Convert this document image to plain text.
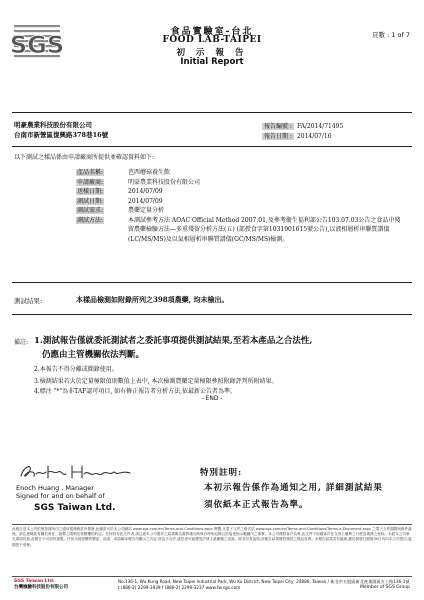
SGS	食品實驗室-台北
FOOD LAB-TAIPEI
初 示 報 告
Initial Report
頁數 : 1 of 7
明豪農業科技股份有限公司
台南市新營區復興路378巷16號
報告編號 : FA/2014/71495
報告日期 : 2014/07/16
以下測試之樣品係由申請廠商所提供並確認資料如下:
產品名稱:	芭西蘑菇養生飲
申請廠商:	明豪農業科技股份有限公司
送樣日期:	2014/07/09
測試日期:	2014/07/09
測試需求:	農藥定量分析
測試方法:	本測試參考方法 AOAC Official Method 2007.01,及參考衛生福利部公告103.07.03公告之食品中殘留農藥檢驗方法—多重殘留分析方法(五) (部授食字第1031901615號公告),以液相層析串聯質譜儀(LC/MS/MS)及以氣相層析串聯質譜儀(GC/MS/MS)檢測。
測試結果:	本樣品檢測如附錄所列之398項農藥, 均未檢出。
備註: 1.測試報告僅就委託測試者之委託事項提供測試結果,至若本產品之合法性,
仍應由主管機關依法判斷。
2.本報告不得分離或擷錄使用。
3.檢測結果若大於定量極限值則數值上表中, 本次檢測農藥定量極限參照附錄評判所附結果。
4.標注 "*"為非TAF認可項目, 如有修正報告者分析方法,依最新公告者為準。
- END -
Enoch Huang , Manager
Signed for and on behalf of
SGS Taiwan Ltd.
特別註明:
本初示報告係作為通知之用, 詳細測試結果
須依紙本正式報告為準。
此報告是本公司依照背面所印之通用服務條款所簽發,此條款可於本公司網站 www.sgs.com/en/Terms-and-Conditions.aspx 閱覽,凡電子文件之格式依 www.sgs.com/en/Terms-and-Conditions/Terms-e-Document.aspx 之電子文件期限與條件處理。請注意條款有關於責任、賠償之限制及管轄權的約定。任何持有此文件者,請注意本公司製作之結果報告書將僅反映執行時所紀錄且於接受指示範圍內之事實。本公司僅對客戶負責,此文件不妨礙客戶在交易上權利之行使及義務之免除。未經本公司事先書面同意,此報告不可部份複製。任何未經授權的變更、偽造、或曲解本報告所顯示之內容,皆為不合法,違犯者可能遭受法律上最嚴厲之追訴。除非另有說明,此報告結果僅對測試之樣品負責。本報告結果若有疑義,應於發證日期後30日內向本公司提出,逾期恕不受理。
SGS Taiwan Ltd.
台灣檢驗科技股份有限公司
No.136-1, Wu Kung Road, New Taipei Industrial Park, Wu Ku District, New Taipei City, 24886, Taiwan / 新北市五股區新北產業園區五工路136-1號
t (886-2) 2299-3939 f (886-2) 2299-3237 www.tw.sgs.com	Member of SGS Group
